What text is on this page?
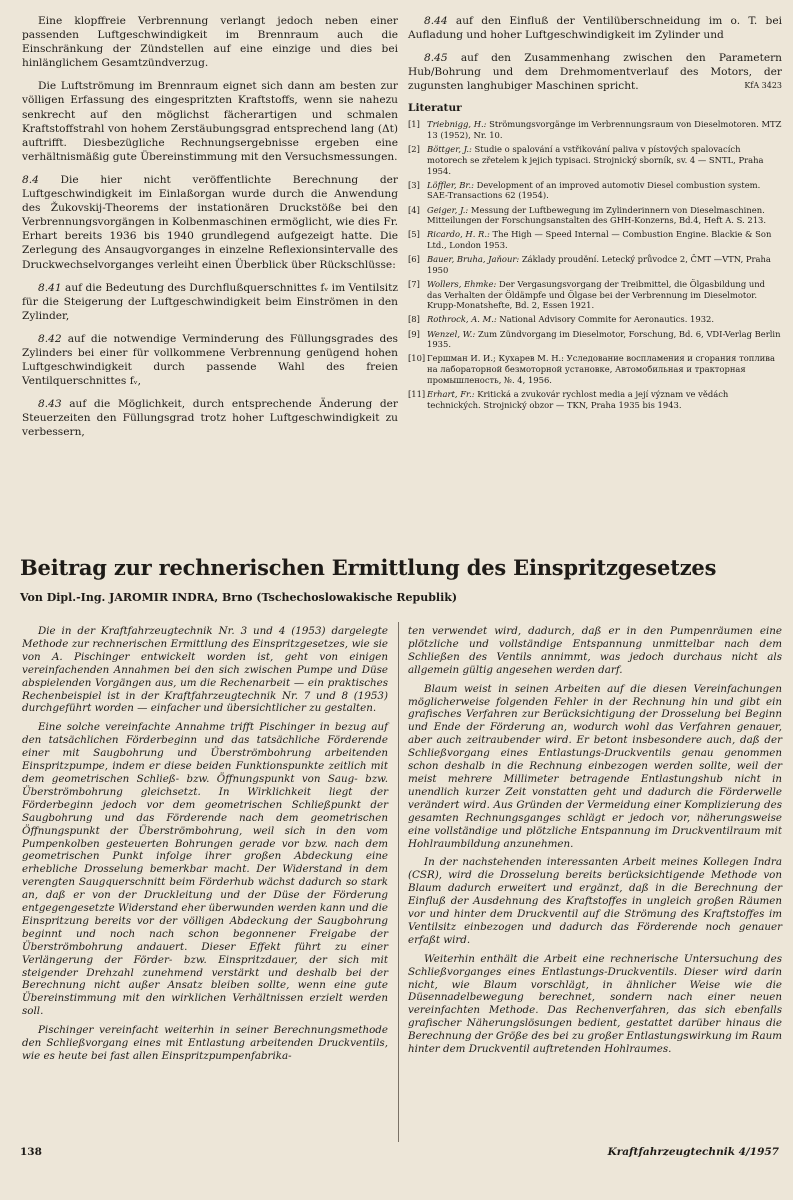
Eine klopffreie Verbrennung verlangt jedoch neben einer passenden Luftgeschwindigkeit im Brennraum auch die Einschränkung der Zündstellen auf eine einzige und dies bei hinlänglichem Gesamtzündverzug.

Die Luftströmung im Brennraum eignet sich dann am besten zur völligen Erfassung des eingespritzten Kraftstoffs, wenn sie nahezu senkrecht auf den möglichst fächerartigen und schmalen Kraftstoffstrahl von hohem Zerstäubungsgrad entsprechend lang (Δt) auftrifft. Diesbezügliche Rechnungsergebnisse ergeben eine verhältnismäßig gute Übereinstimmung mit den Versuchsmessungen.

8.4 Die hier nicht veröffentlichte Berechnung der Luftgeschwindigkeit im Einlaßorgan wurde durch die Anwendung des Žukovskij-Theorems der instationären Druckstöße bei den Verbrennungsvorgängen in Kolbenmaschinen ermöglicht, wie dies Fr. Erhart bereits 1936 bis 1940 grundlegend aufgezeigt hatte. Die Zerlegung des Ansaugvorganges in einzelne Reflexionsintervalle des Druckwechselvorganges verleiht einen Überblick über Rückschlüsse:

8.41 auf die Bedeutung des Durchflußquerschnittes fᵥ im Ventilsitz für die Steigerung der Luftgeschwindigkeit beim Einströmen in den Zylinder,

8.42 auf die notwendige Verminderung des Füllungsgrades des Zylinders bei einer für vollkommene Verbrennung genügend hohen Luftgeschwindigkeit durch passende Wahl des freien Ventilquerschnittes fᵥ,

8.43 auf die Möglichkeit, durch entsprechende Änderung der Steuerzeiten den Füllungsgrad trotz hoher Luftgeschwindigkeit zu verbessern,

8.44 auf den Einfluß der Ventilüberschneidung im o. T. bei Aufladung und hoher Luftgeschwindigkeit im Zylinder und

8.45 auf den Zusammenhang zwischen den Parametern Hub/Bohrung und dem Drehmomentverlauf des Motors, der zugunsten langhubiger Maschinen spricht.	KfA 3423

Literatur
[1] Triebnigg, H.: Strömungsvorgänge im Verbrennungsraum von Dieselmotoren. MTZ 13 (1952), Nr. 10.
[2] Böttger, J.: Studie o spalování a vstřikování paliva v pístových spalovacích motorech se zřetelem k jejich typisaci. Strojnický sborník, sv. 4 — SNTL, Praha 1954.
[3] Löffler, Br.: Development of an improved automotiv Diesel combustion system. SAE-Transactions 62 (1954).
[4] Geiger, J.: Messung der Luftbewegung im Zylinderinnern von Dieselmaschinen. Mitteilungen der Forschungsanstalten des GHH-Konzerns, Bd.4, Heft A. S. 213.
[5] Ricardo, H. R.: The High — Speed Internal — Combustion Engine. Blackie & Son Ltd., London 1953.
[6] Bauer, Bruha, Jaňour: Základy proudění. Letecký průvodce 2, ČMT —VTN, Praha 1950
[7] Wollers, Ehmke: Der Vergasungsvorgang der Treibmittel, die Ölgasbildung und das Verhalten der Öldämpfe und Ölgase bei der Verbrennung im Dieselmotor. Krupp-Monatshefte, Bd. 2, Essen 1921.
[8] Rothrock, A. M.: National Advisory Commite for Aeronautics. 1932.
[9] Wenzel, W.: Zum Zündvorgang im Dieselmotor, Forschung, Bd. 6, VDI-Verlag Berlin 1935.
[10] Гершман И. И.; Кухарев М. Н.: Уcледование воcпламения и cгорания топлива на лабораторной безмоторной уcтановке, Автомобильная и тракторная промышленоcть, №. 4, 1956.
[11] Erhart, Fr.: Kritická a zvukovár rychlost media a její význam ve vědách technických. Strojnický obzor — TKN, Praha 1935 bis 1943.
Beitrag zur rechnerischen Ermittlung des Einspritzgesetzes
Von Dipl.-Ing. JAROMIR INDRA, Brno (Tschechoslowakische Republik)

Die in der Kraftfahrzeugtechnik Nr. 3 und 4 (1953) dargelegte Methode zur rechnerischen Ermittlung des Einspritzgesetzes, wie sie von A. Pischinger entwickelt worden ist, geht von einigen vereinfachenden Annahmen bei den sich zwischen Pumpe und Düse abspielenden Vorgängen aus, um die Rechenarbeit — ein praktisches Rechenbeispiel ist in der Kraftfahrzeugtechnik Nr. 7 und 8 (1953) durchgeführt worden — einfacher und übersichtlicher zu gestalten.

Eine solche vereinfachte Annahme trifft Pischinger in bezug auf den tatsächlichen Förderbeginn und das tatsächliche Förderende einer mit Saugbohrung und Überströmbohrung arbeitenden Einspritzpumpe, indem er diese beiden Funktionspunkte zeitlich mit dem geometrischen Schließ- bzw. Öffnungspunkt von Saug- bzw. Überströmbohrung gleichsetzt. In Wirklichkeit liegt der Förderbeginn jedoch vor dem geometrischen Schließpunkt der Saugbohrung und das Förderende nach dem geometrischen Öffnungspunkt der Überströmbohrung, weil sich in den vom Pumpenkolben gesteuerten Bohrungen gerade vor bzw. nach dem geometrischen Punkt infolge ihrer großen Abdeckung eine erhebliche Drosselung bemerkbar macht. Der Widerstand in dem verengten Saugquerschnitt beim Förderhub wächst dadurch so stark an, daß er von der Druckleitung und der Düse der Förderung entgegengesetzte Widerstand eher überwunden werden kann und die Einspritzung bereits vor der völligen Abdeckung der Saugbohrung beginnt und noch nach schon begonnener Freigabe der Überströmbohrung andauert. Dieser Effekt führt zu einer Verlängerung der Förder- bzw. Einspritzdauer, der sich mit steigender Drehzahl zunehmend verstärkt und deshalb bei der Berechnung nicht außer Ansatz bleiben sollte, wenn eine gute Übereinstimmung mit den wirklichen Verhältnissen erzielt werden soll.

Pischinger vereinfacht weiterhin in seiner Berechnungsmethode den Schließvorgang eines mit Entlastung arbeitenden Druckventils, wie es heute bei fast allen Einspritzpumpenfabrika-

ten verwendet wird, dadurch, daß er in den Pumpenräumen eine plötzliche und vollständige Entspannung unmittelbar nach dem Schließen des Ventils annimmt, was jedoch durchaus nicht als allgemein gültig angesehen werden darf.

Blaum weist in seinen Arbeiten auf die diesen Vereinfachungen möglicherweise folgenden Fehler in der Rechnung hin und gibt ein grafisches Verfahren zur Berücksichtigung der Drosselung bei Beginn und Ende der Förderung an, wodurch wohl das Verfahren genauer, aber auch zeitraubender wird. Er betont insbesondere auch, daß der Schließvorgang eines Entlastungs-Druckventils genau genommen schon deshalb in die Rechnung einbezogen werden sollte, weil der meist mehrere Millimeter betragende Entlastungshub nicht in unendlich kurzer Zeit vonstatten geht und dadurch die Förderwelle verändert wird. Aus Gründen der Vermeidung einer Komplizierung des gesamten Rechnungsganges schlägt er jedoch vor, näherungsweise eine vollständige und plötzliche Entspannung im Druckventilraum mit Hohlraumbildung anzunehmen.

In der nachstehenden interessanten Arbeit meines Kollegen Indra (CSR), wird die Drosselung bereits berücksichtigende Methode von Blaum dadurch erweitert und ergänzt, daß in die Berechnung der Einfluß der Ausdehnung des Kraftstoffes in ungleich großen Räumen vor und hinter dem Druckventil auf die Strömung des Kraftstoffes im Ventilsitz einbezogen und dadurch das Förderende noch genauer erfaßt wird.

Weiterhin enthält die Arbeit eine rechnerische Untersuchung des Schließvorganges eines Entlastungs-Druckventils. Dieser wird darin nicht, wie Blaum vorschlägt, in ähnlicher Weise wie die Düsennadelbewegung berechnet, sondern nach einer neuen vereinfachten Methode. Das Rechenverfahren, das sich ebenfalls grafischer Näherungslösungen bedient, gestattet darüber hinaus die Berechnung der Größe des bei zu großer Entlastungswirkung im Raum hinter dem Druckventil auftretenden Hohlraumes.

138	Kraftfahrzeugtechnik 4/1957
